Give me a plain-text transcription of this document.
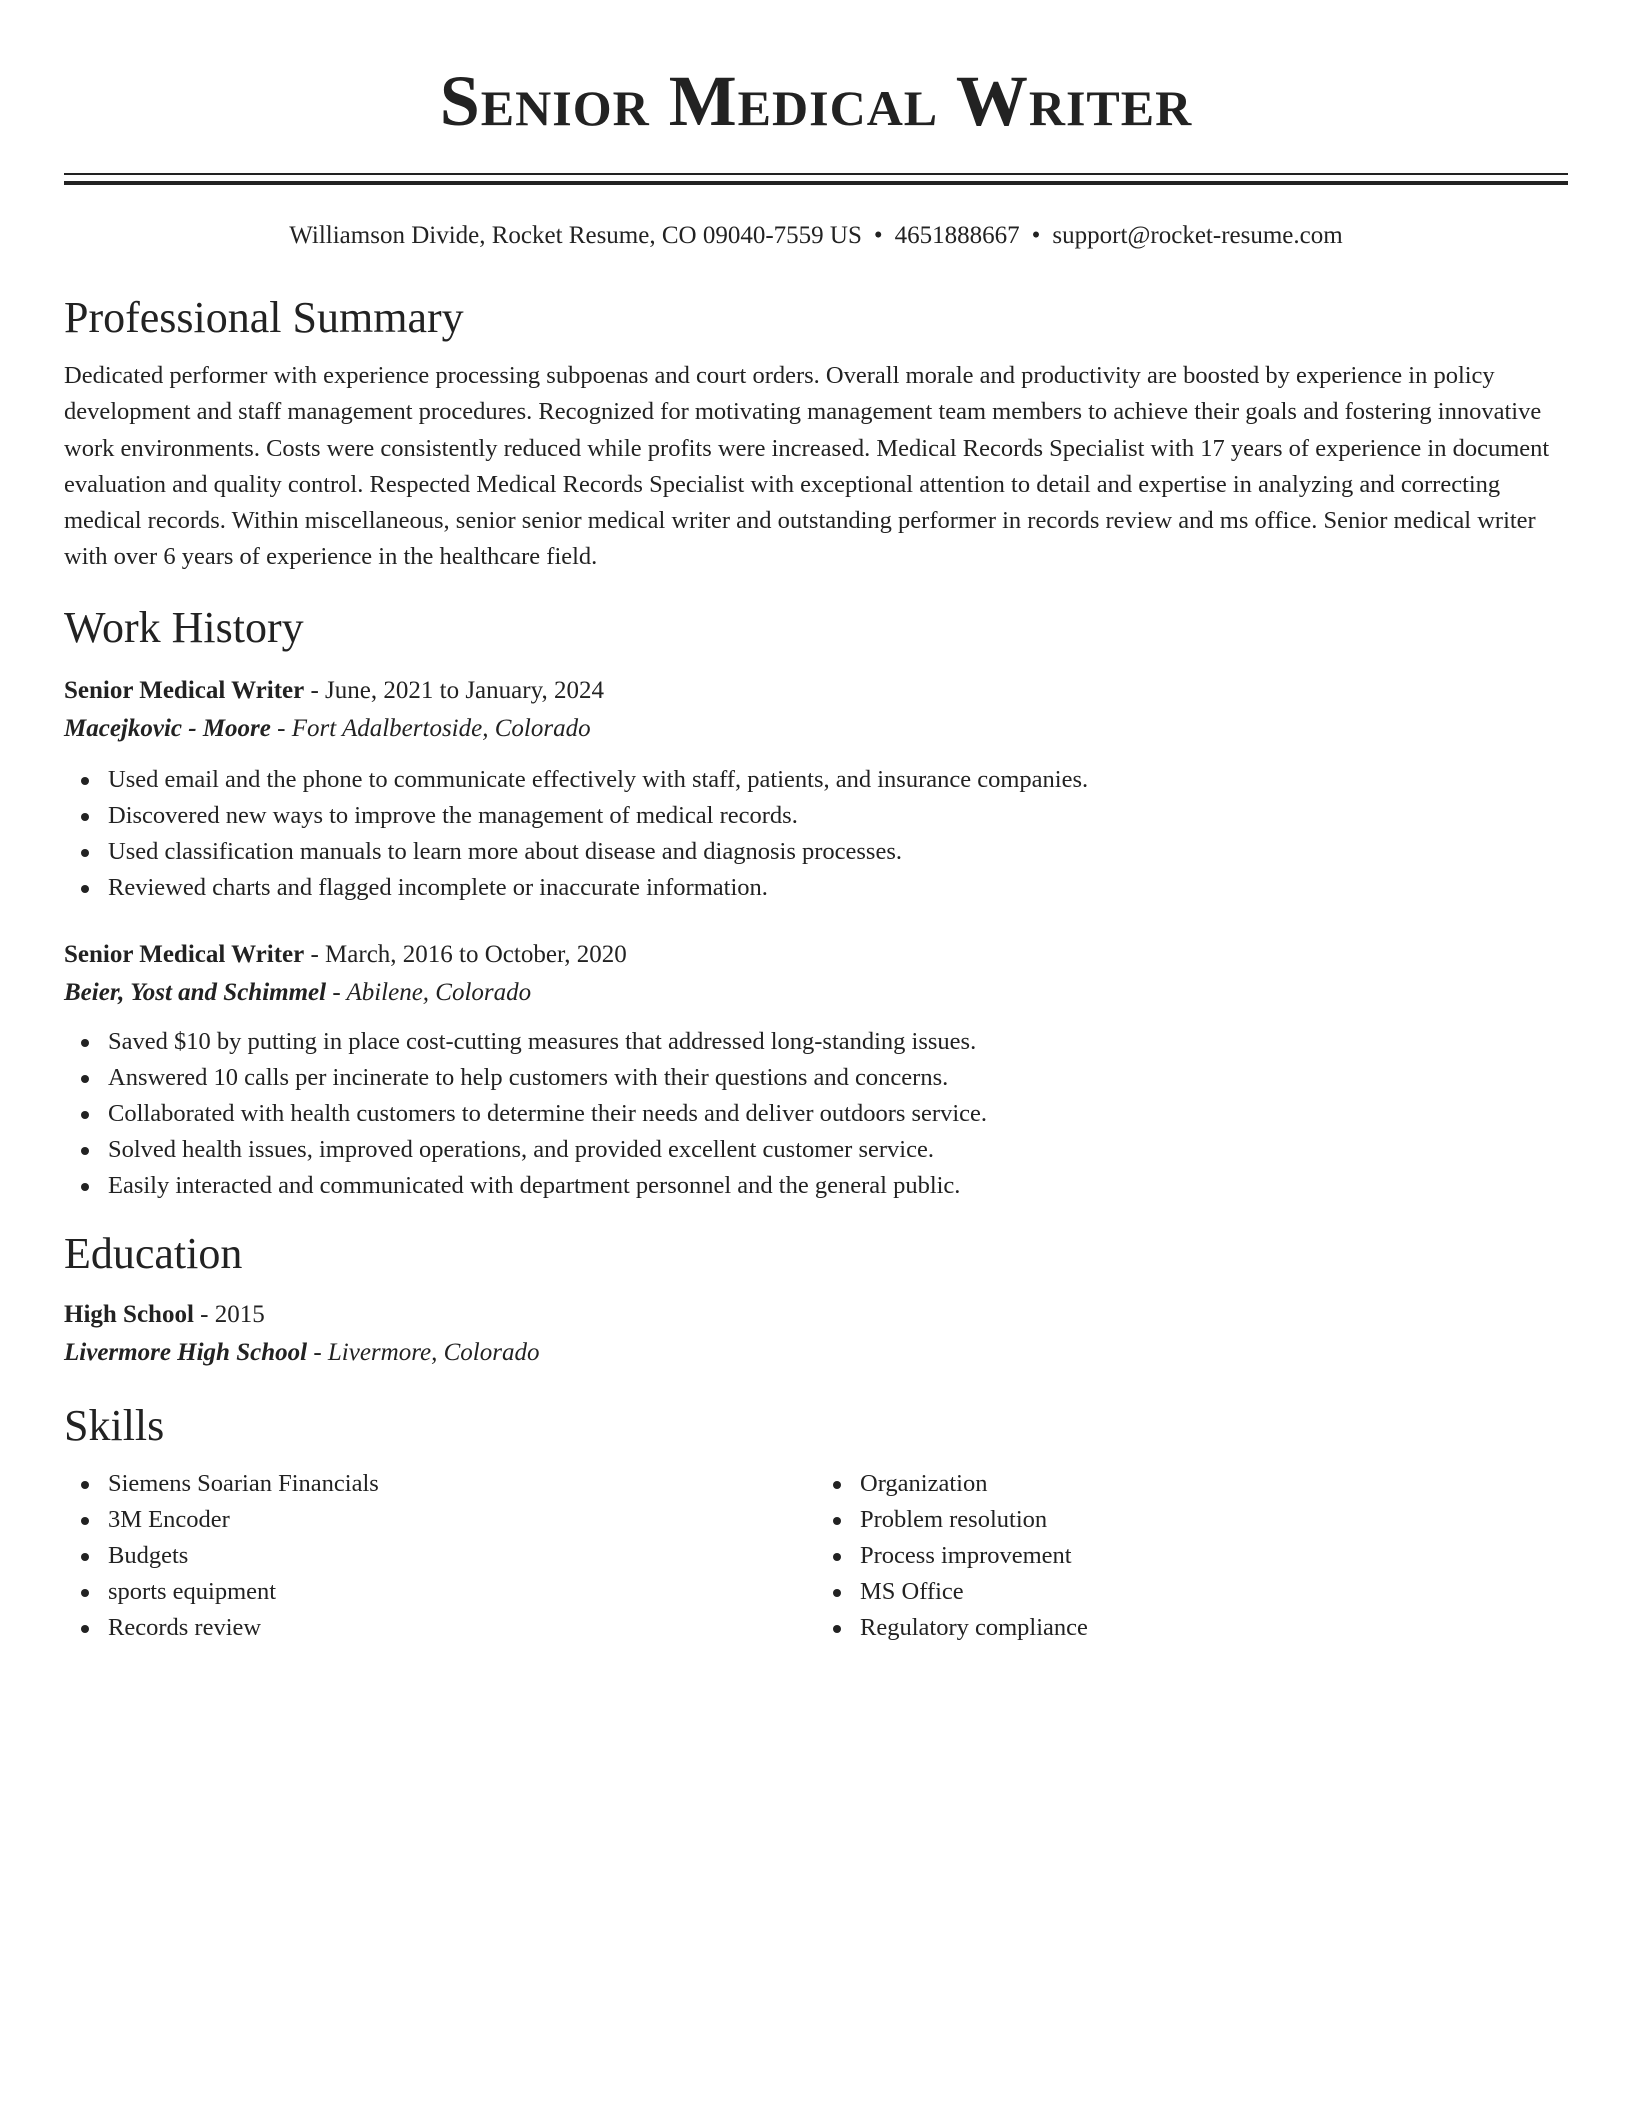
Senior Medical Writer
Williamson Divide, Rocket Resume, CO 09040-7559 US • 4651888667 • support@rocket-resume.com
Professional Summary
Dedicated performer with experience processing subpoenas and court orders. Overall morale and productivity are boosted by experience in policy development and staff management procedures. Recognized for motivating management team members to achieve their goals and fostering innovative work environments. Costs were consistently reduced while profits were increased. Medical Records Specialist with 17 years of experience in document evaluation and quality control. Respected Medical Records Specialist with exceptional attention to detail and expertise in analyzing and correcting medical records. Within miscellaneous, senior senior medical writer and outstanding performer in records review and ms office. Senior medical writer with over 6 years of experience in the healthcare field.
Work History
Senior Medical Writer - June, 2021 to January, 2024
Macejkovic - Moore - Fort Adalbertoside, Colorado
Used email and the phone to communicate effectively with staff, patients, and insurance companies.
Discovered new ways to improve the management of medical records.
Used classification manuals to learn more about disease and diagnosis processes.
Reviewed charts and flagged incomplete or inaccurate information.
Senior Medical Writer - March, 2016 to October, 2020
Beier, Yost and Schimmel - Abilene, Colorado
Saved $10 by putting in place cost-cutting measures that addressed long-standing issues.
Answered 10 calls per incinerate to help customers with their questions and concerns.
Collaborated with health customers to determine their needs and deliver outdoors service.
Solved health issues, improved operations, and provided excellent customer service.
Easily interacted and communicated with department personnel and the general public.
Education
High School - 2015
Livermore High School - Livermore, Colorado
Skills
Siemens Soarian Financials
3M Encoder
Budgets
sports equipment
Records review
Organization
Problem resolution
Process improvement
MS Office
Regulatory compliance
